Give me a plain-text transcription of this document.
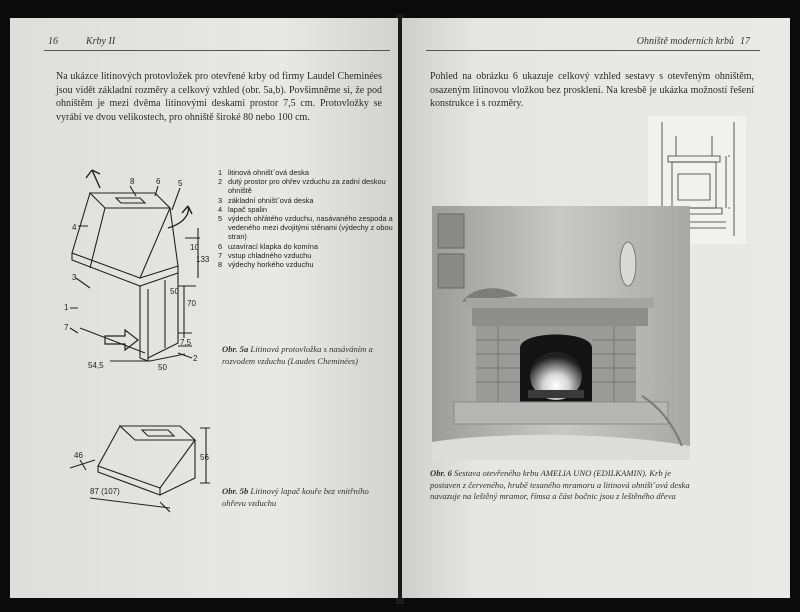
16	Krby II
Na ukázce litinových protovložek pro otevřené krby od firmy Laudel Cheminées jsou vidět základní rozměry a celkový vzhled (obr. 5a,b). Povšimněme si, že pod ohništěm je mezi dvěma litinovými deskami prostor 7,5 cm. Protovložky se vyrábí ve dvou velikostech, pro ohniště široké 80 nebo 100 cm.
8	6 5
4
3
1
7
2
10
133
50
70
7,5
54,5	50
1 litinová ohništˇová deska
2 dutý prostor pro ohřev vzduchu za zadní deskou ohniště
3 základní ohništˇová deska
4 lapač spalin
5 výdech ohřátého vzduchu, nasávaného zespoda a vedeného mezi dvojitými stěnami (výdechy z obou stran)
6 uzavírací klapka do komína
7 vstup chladného vzduchu
8 výdechy horkého vzduchu
Obr. 5a Litinová protovložka s nasáváním a rozvodem vzduchu (Laudes Cheminées)
46	56
87 (107)	Obr. 5b Litinový lapač kouře bez vnitřního ohřevu vzduchu
Ohniště moderních krbů 17
Pohled na obrázku 6 ukazuje celkový vzhled sestavy s otevřeným ohništěm, osazeným litinovou vložkou bez prosklení. Na kresbě je ukázka možností řešení konstrukce i s rozměry.
Obr. 6 Sestava otevřeného krbu AMELIA UNO (EDILKAMIN). Krb je postaven z červeného, hrubě tesaného mramoru a litinová ohništˇová deska navazuje na leštěný mramor, římsa a část bočnic jsou z leštěného dřeva
